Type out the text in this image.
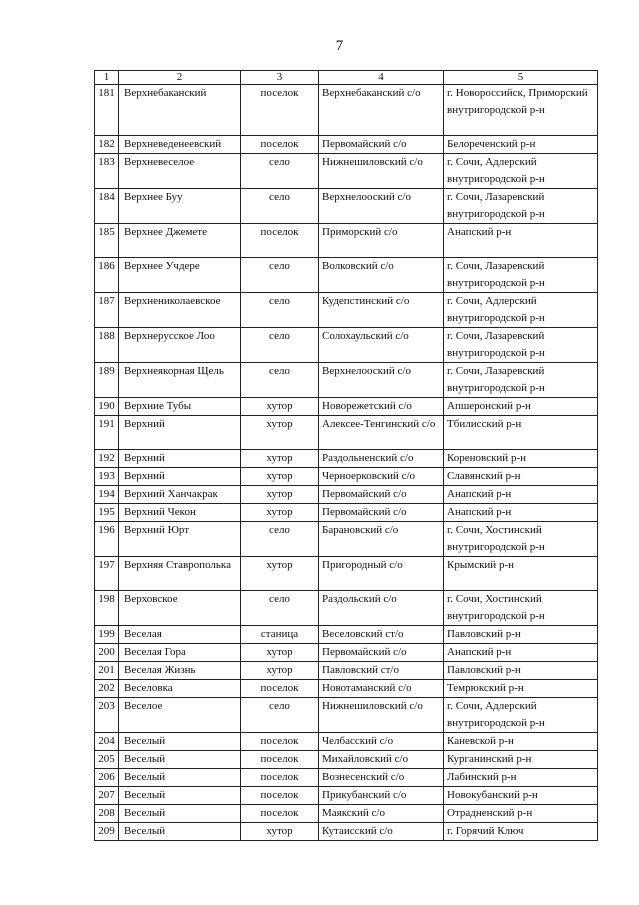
7
1	2	3	4	5
181	Верхнебаканский	поселок	Верхнебаканский с/о	г. Новороссийск, Приморский внутригородской р-н
182	Верхневеденеевский	поселок	Первомайский с/о	Белореченский р-н
183	Верхневеселое	село	Нижнешиловский с/о	г. Сочи, Адлерский внутригородской р-н
184	Верхнее Буу	село	Верхнелооский с/о	г. Сочи, Лазаревский внутригородской р-н
185	Верхнее Джемете	поселок	Приморский с/о	Анапский р-н
186	Верхнее Учдере	село	Волковский с/о	г. Сочи, Лазаревский внутригородской р-н
187	Верхнениколаевское	село	Кудепстинский с/о	г. Сочи, Адлерский внутригородской р-н
188	Верхнерусское Лоо	село	Солохаульский с/о	г. Сочи, Лазаревский внутригородской р-н
189	Верхнеякорная Щель	село	Верхнелооский с/о	г. Сочи, Лазаревский внутригородской р-н
190	Верхние Тубы	хутор	Новорежетский с/о	Апшеронский р-н
191	Верхний	хутор	Алексее-Тенгинский с/о	Тбилисский р-н
192	Верхний	хутор	Раздольненский с/о	Кореновский р-н
193	Верхний	хутор	Черноерковский с/о	Славянский р-н
194	Верхний Ханчакрак	хутор	Первомайский с/о	Анапский р-н
195	Верхний Чекон	хутор	Первомайский с/о	Анапский р-н
196	Верхний Юрт	село	Барановский с/о	г. Сочи, Хостинский внутригородской р-н
197	Верхняя Ставрополька	хутор	Пригородный с/о	Крымский р-н
198	Верховское	село	Раздольский с/о	г. Сочи, Хостинский внутригородской р-н
199	Веселая	станица	Веселовский ст/о	Павловский р-н
200	Веселая Гора	хутор	Первомайский с/о	Анапский р-н
201	Веселая Жизнь	хутор	Павловский ст/о	Павловский р-н
202	Веселовка	поселок	Новотаманский с/о	Темрюкский р-н
203	Веселое	село	Нижнешиловский с/о	г. Сочи, Адлерский внутригородской р-н
204	Веселый	поселок	Челбасский с/о	Каневской р-н
205	Веселый	поселок	Михайловский с/о	Курганинский р-н
206	Веселый	поселок	Вознесенский с/о	Лабинский р-н
207	Веселый	поселок	Прикубанский с/о	Новокубанский р-н
208	Веселый	поселок	Маякский с/о	Отрадненский р-н
209	Веселый	хутор	Кутаисский с/о	г. Горячий Ключ
